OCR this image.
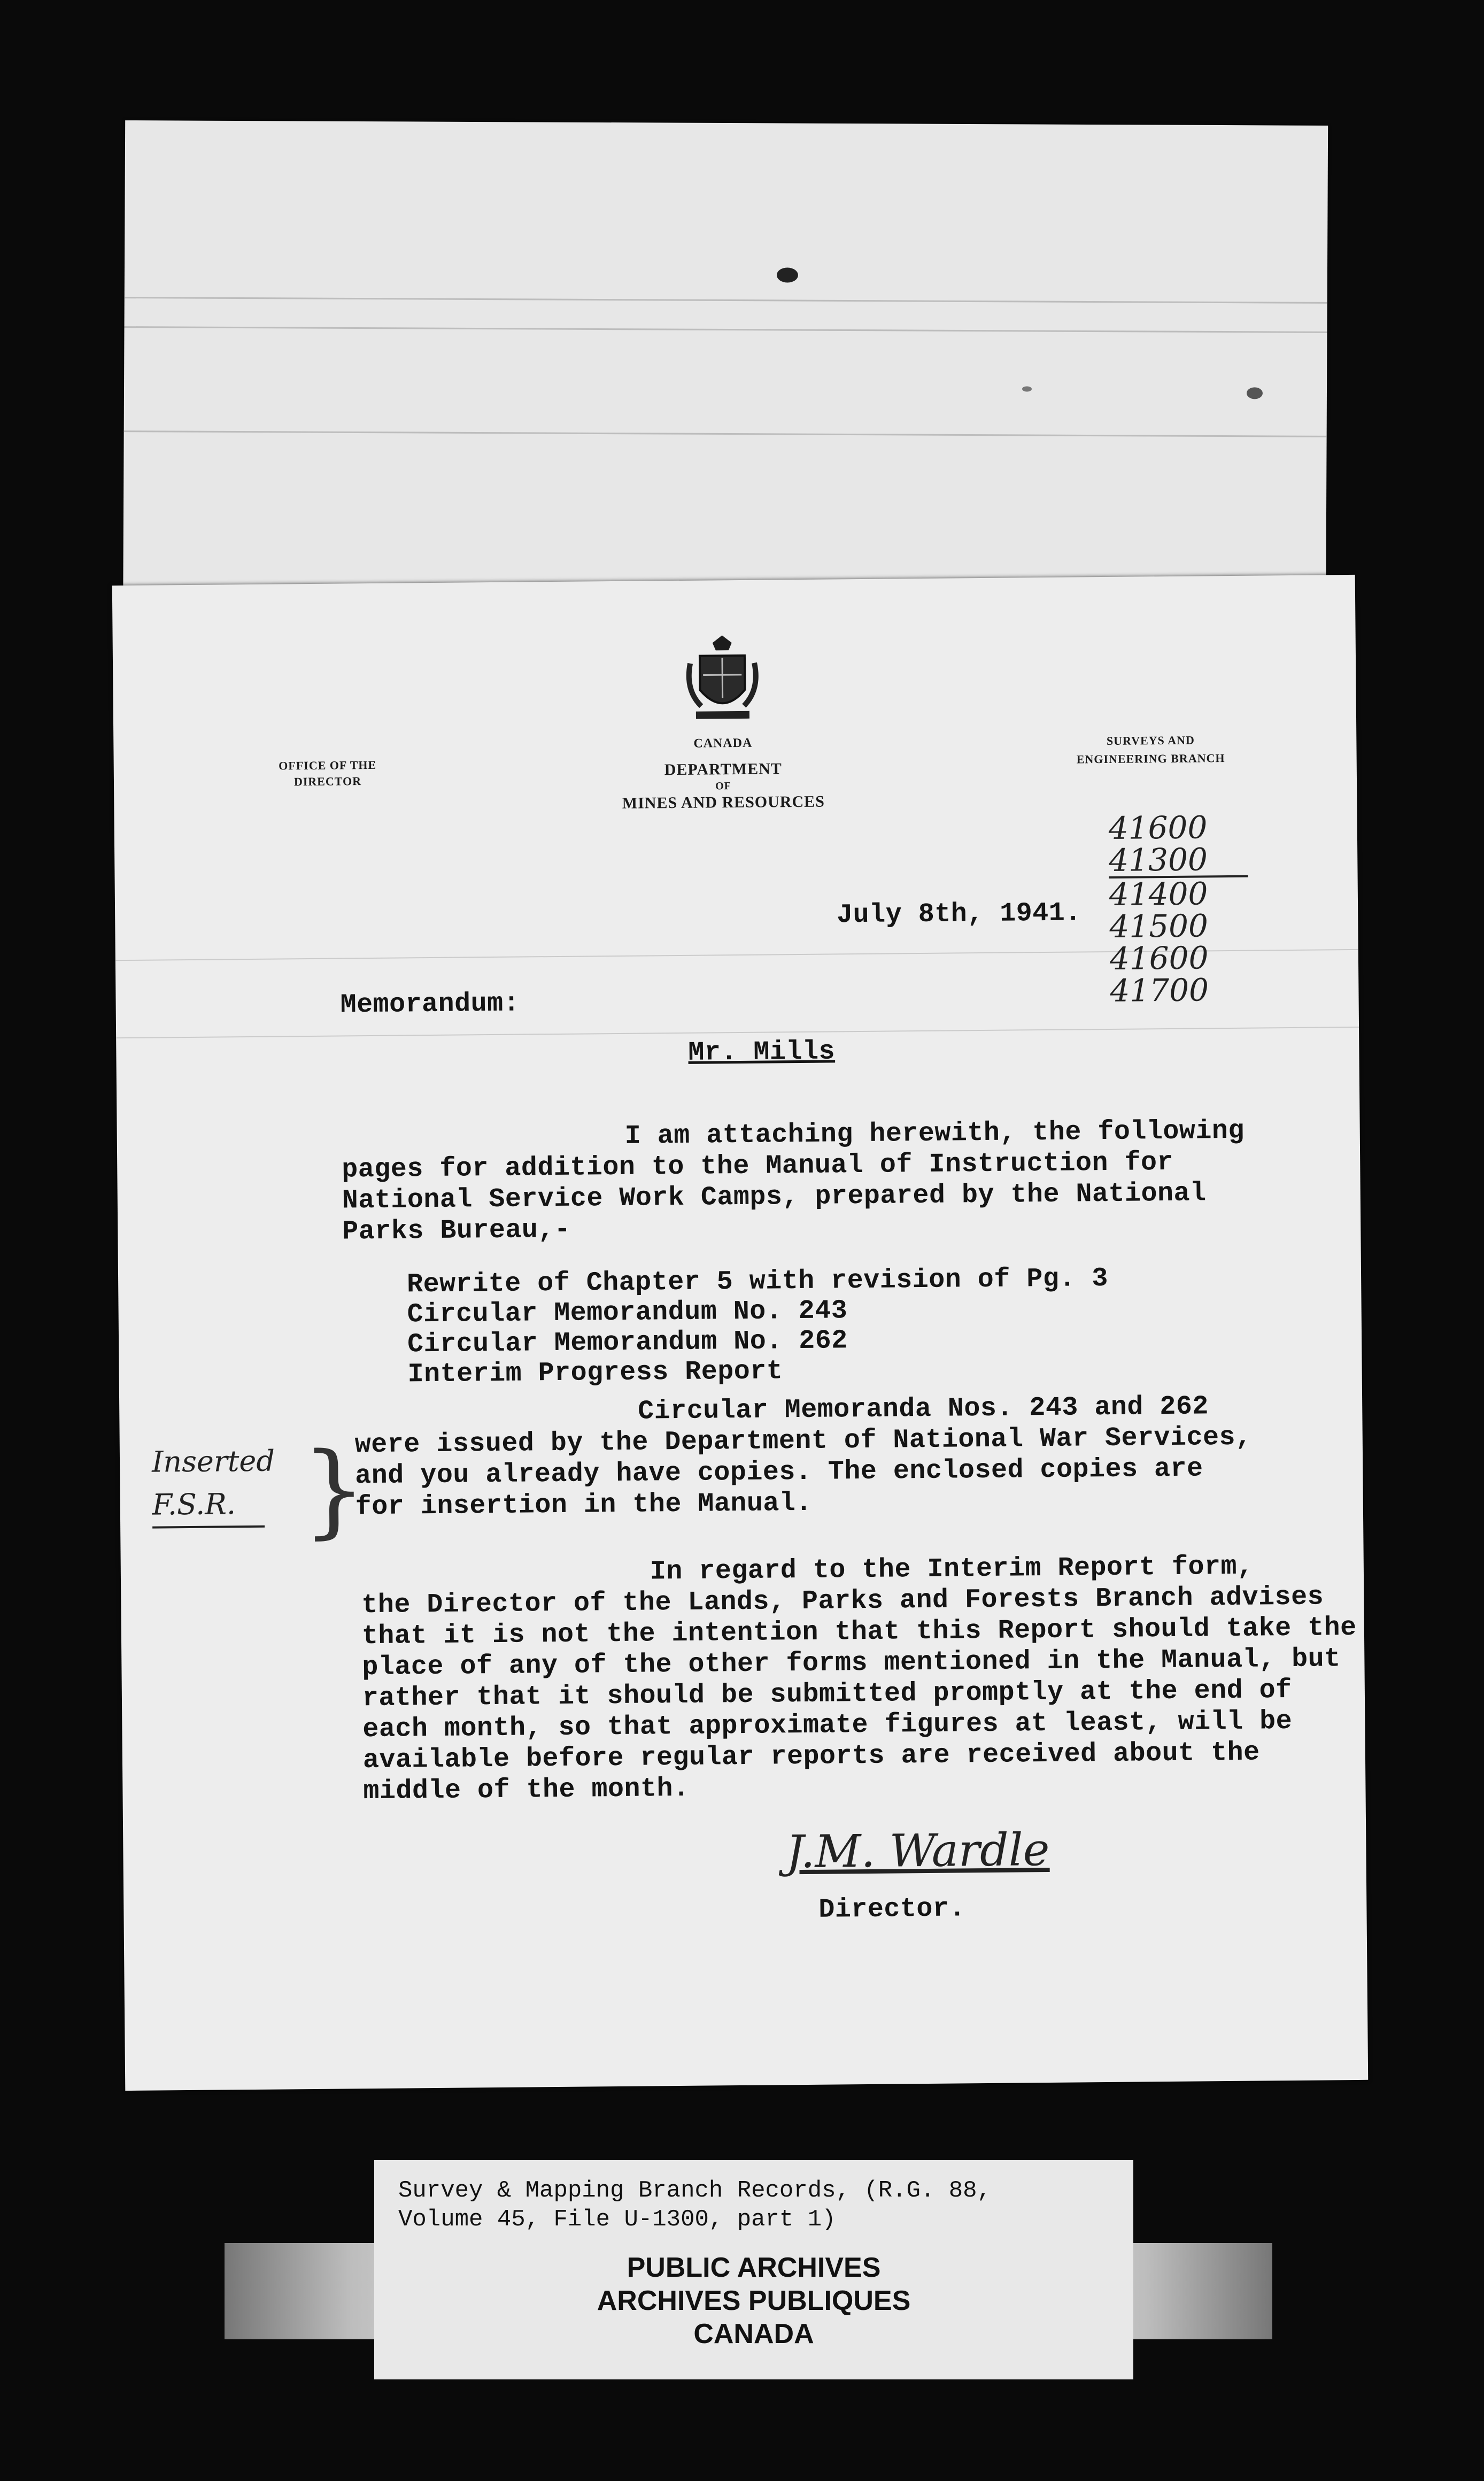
OFFICE OF THE
DIRECTOR
CANADA
DEPARTMENT
OF
MINES AND RESOURCES
SURVEYS AND
ENGINEERING BRANCH
July 8th, 1941.
41600
41300
41400
41500
41600
41700
Memorandum:
Mr. Mills
I am attaching herewith, the following
pages for addition to the Manual of Instruction for
National Service Work Camps, prepared by the National
Parks Bureau,-
Rewrite of Chapter 5 with revision of Pg. 3
Circular Memorandum No. 243
Circular Memorandum No. 262
Interim Progress Report
Inserted
F.S.R. }
Circular Memoranda Nos. 243 and 262
were issued by the Department of National War Services,
and you already have copies. The enclosed copies are
for insertion in the Manual.
In regard to the Interim Report form,
the Director of the Lands, Parks and Forests Branch advises
that it is not the intention that this Report should take the
place of any of the other forms mentioned in the Manual, but
rather that it should be submitted promptly at the end of
each month, so that approximate figures at least, will be
available before regular reports are received about the
middle of the month.
J.M. Wardle
Director.
Survey & Mapping Branch Records, (R.G. 88,
Volume 45, File U-1300, part 1)
PUBLIC ARCHIVES
ARCHIVES PUBLIQUES
CANADA
